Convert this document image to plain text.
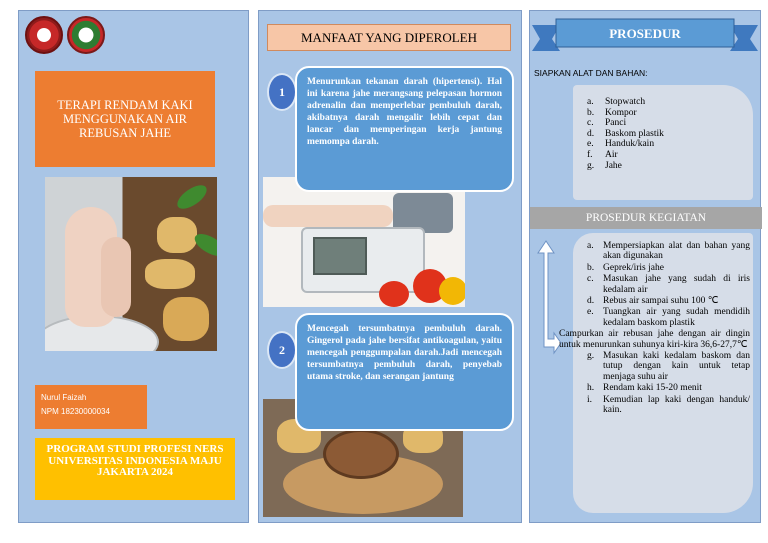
TERAPI RENDAM KAKI MENGGUNAKAN AIR REBUSAN JAHE
Nurul Faizah
NPM 18230000034
PROGRAM STUDI PROFESI NERS UNIVERSITAS INDONESIA MAJU JAKARTA 2024
MANFAAT YANG DIPEROLEH
1
Menurunkan tekanan darah (hipertensi). Hal ini karena jahe merangsang pelepasan hormon adrenalin dan memperlebar pembuluh darah, akibatnya darah mengalir lebih cepat dan lancar dan memperingan kerja jantung memompa darah.
2
Mencegah tersumbatnya pembuluh darah. Gingerol pada jahe bersifat antikoagulan, yaitu mencegah penggumpalan darah.Jadi mencegah tersumbatnya pembuluh darah, penyebab utama stroke, dan serangan jantung
PROSEDUR
SIAPKAN ALAT DAN BAHAN:
a. Stopwatch
b. Kompor
c. Panci
d. Baskom plastik
e. Handuk/kain
f. Air
g. Jahe
PROSEDUR KEGIATAN
a. Mempersiapkan alat dan bahan yang akan digunakan
b. Geprek/iris jahe
c. Masukan jahe yang sudah di iris kedalam air
d. Rebus air sampai suhu 100 ℃
e. Tuangkan air yang sudah mendidih kedalam baskom plastik
Campurkan air rebusan jahe dengan air dingin untuk menurunkan suhunya kiri-kira 36,6-27,7℃
g. Masukan kaki kedalam baskom dan tutup dengan kain untuk tetap menjaga suhu air
h. Rendam kaki 15-20 menit
i. Kemudian lap kaki dengan handuk/ kain.
